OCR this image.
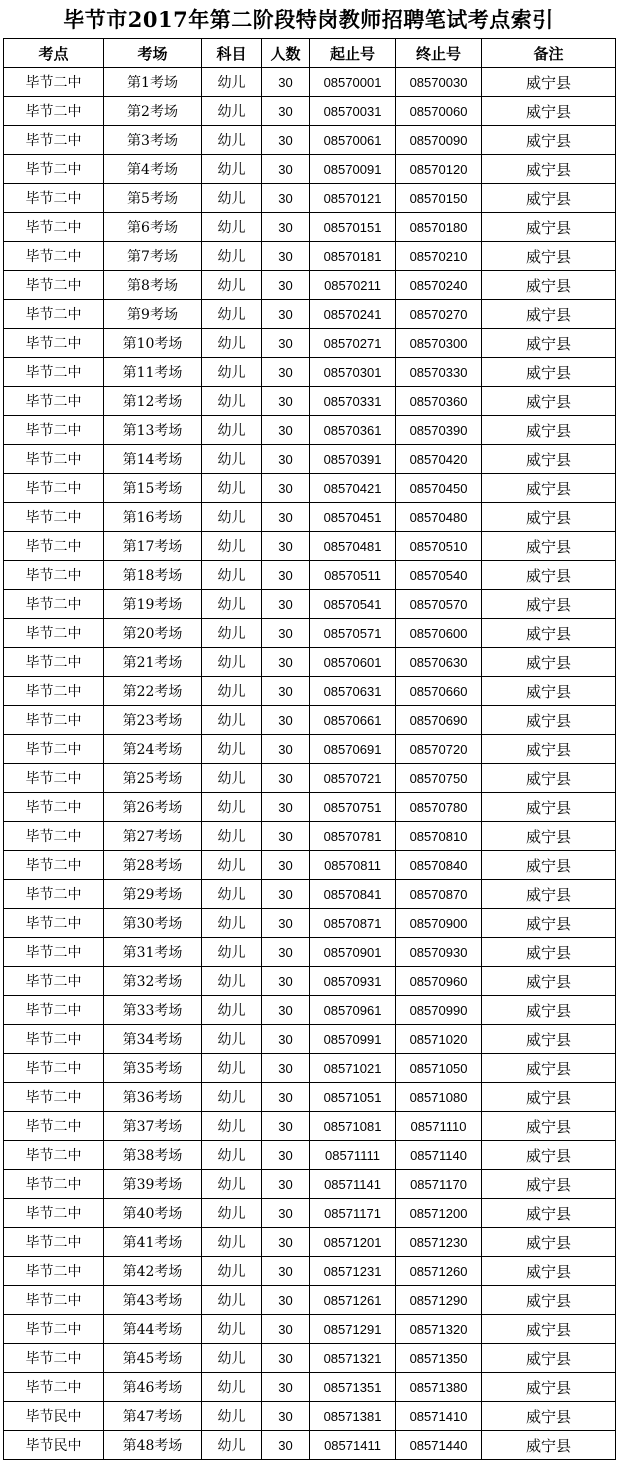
毕节市2017年第二阶段特岗教师招聘笔试考点索引
考点	考场	科目	人数	起止号	终止号	备注
毕节二中	第1考场	幼儿	30	08570001	08570030	威宁县
毕节二中	第2考场	幼儿	30	08570031	08570060	威宁县
毕节二中	第3考场	幼儿	30	08570061	08570090	威宁县
毕节二中	第4考场	幼儿	30	08570091	08570120	威宁县
毕节二中	第5考场	幼儿	30	08570121	08570150	威宁县
毕节二中	第6考场	幼儿	30	08570151	08570180	威宁县
毕节二中	第7考场	幼儿	30	08570181	08570210	威宁县
毕节二中	第8考场	幼儿	30	08570211	08570240	威宁县
毕节二中	第9考场	幼儿	30	08570241	08570270	威宁县
毕节二中	第10考场	幼儿	30	08570271	08570300	威宁县
毕节二中	第11考场	幼儿	30	08570301	08570330	威宁县
毕节二中	第12考场	幼儿	30	08570331	08570360	威宁县
毕节二中	第13考场	幼儿	30	08570361	08570390	威宁县
毕节二中	第14考场	幼儿	30	08570391	08570420	威宁县
毕节二中	第15考场	幼儿	30	08570421	08570450	威宁县
毕节二中	第16考场	幼儿	30	08570451	08570480	威宁县
毕节二中	第17考场	幼儿	30	08570481	08570510	威宁县
毕节二中	第18考场	幼儿	30	08570511	08570540	威宁县
毕节二中	第19考场	幼儿	30	08570541	08570570	威宁县
毕节二中	第20考场	幼儿	30	08570571	08570600	威宁县
毕节二中	第21考场	幼儿	30	08570601	08570630	威宁县
毕节二中	第22考场	幼儿	30	08570631	08570660	威宁县
毕节二中	第23考场	幼儿	30	08570661	08570690	威宁县
毕节二中	第24考场	幼儿	30	08570691	08570720	威宁县
毕节二中	第25考场	幼儿	30	08570721	08570750	威宁县
毕节二中	第26考场	幼儿	30	08570751	08570780	威宁县
毕节二中	第27考场	幼儿	30	08570781	08570810	威宁县
毕节二中	第28考场	幼儿	30	08570811	08570840	威宁县
毕节二中	第29考场	幼儿	30	08570841	08570870	威宁县
毕节二中	第30考场	幼儿	30	08570871	08570900	威宁县
毕节二中	第31考场	幼儿	30	08570901	08570930	威宁县
毕节二中	第32考场	幼儿	30	08570931	08570960	威宁县
毕节二中	第33考场	幼儿	30	08570961	08570990	威宁县
毕节二中	第34考场	幼儿	30	08570991	08571020	威宁县
毕节二中	第35考场	幼儿	30	08571021	08571050	威宁县
毕节二中	第36考场	幼儿	30	08571051	08571080	威宁县
毕节二中	第37考场	幼儿	30	08571081	08571110	威宁县
毕节二中	第38考场	幼儿	30	08571111	08571140	威宁县
毕节二中	第39考场	幼儿	30	08571141	08571170	威宁县
毕节二中	第40考场	幼儿	30	08571171	08571200	威宁县
毕节二中	第41考场	幼儿	30	08571201	08571230	威宁县
毕节二中	第42考场	幼儿	30	08571231	08571260	威宁县
毕节二中	第43考场	幼儿	30	08571261	08571290	威宁县
毕节二中	第44考场	幼儿	30	08571291	08571320	威宁县
毕节二中	第45考场	幼儿	30	08571321	08571350	威宁县
毕节二中	第46考场	幼儿	30	08571351	08571380	威宁县
毕节民中	第47考场	幼儿	30	08571381	08571410	威宁县
毕节民中	第48考场	幼儿	30	08571411	08571440	威宁县
